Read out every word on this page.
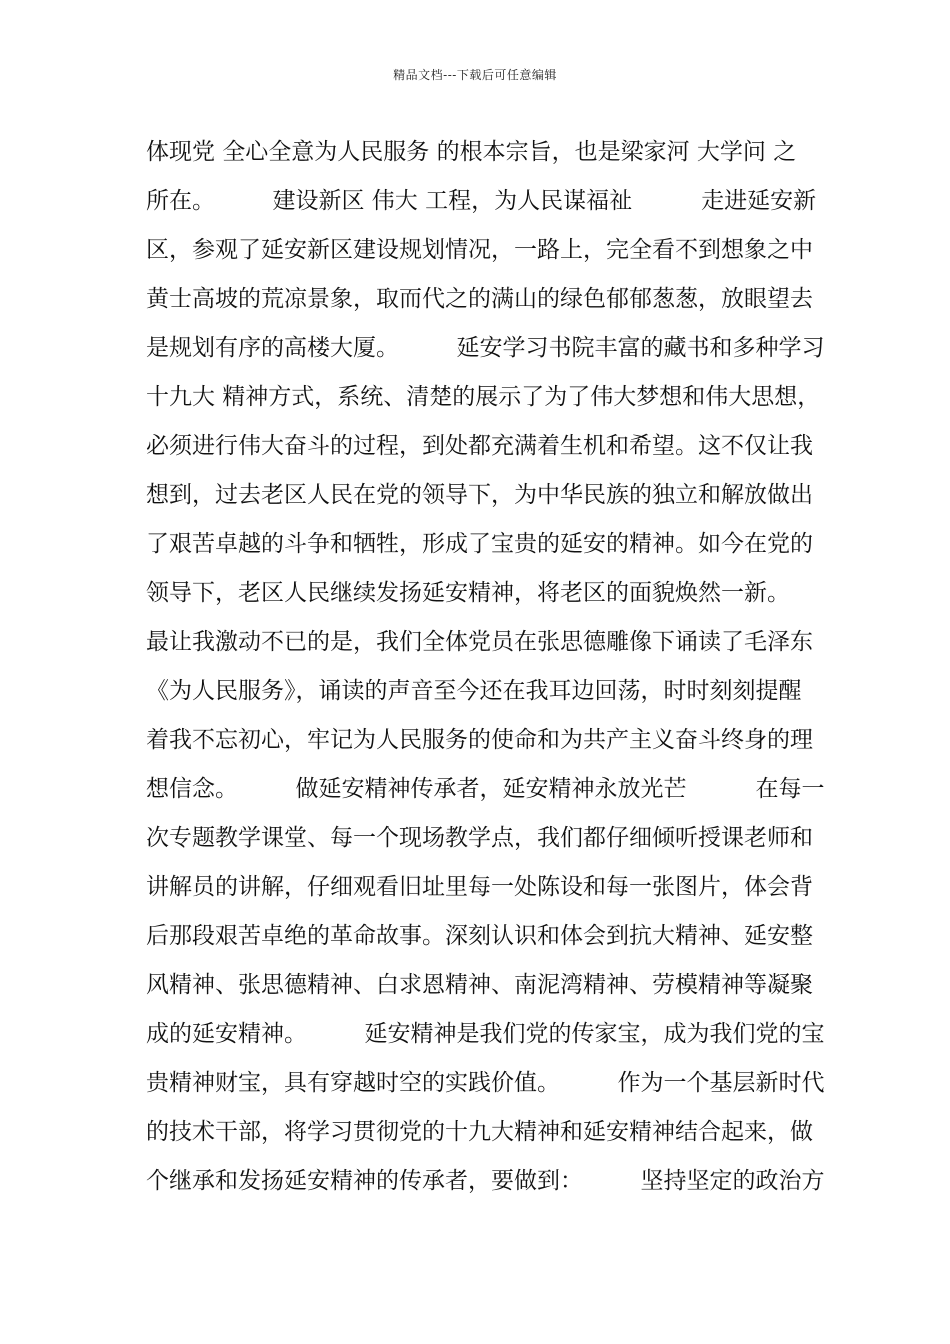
精品文档---下载后可任意编辑
体现党 全心全意为人民服务 的根本宗旨，也是梁家河 大学问 之
所在。　　　建设新区 伟大 工程，为人民谋福祉　　　走进延安新
区，参观了延安新区建设规划情况，一路上，完全看不到想象之中
黄士高坡的荒凉景象，取而代之的满山的绿色郁郁葱葱，放眼望去
是规划有序的高楼大厦。　　　延安学习书院丰富的藏书和多种学习
十九大 精神方式，系统、清楚的展示了为了伟大梦想和伟大思想，
必须进行伟大奋斗的过程，到处都充满着生机和希望。这不仅让我
想到，过去老区人民在党的领导下，为中华民族的独立和解放做出
了艰苦卓越的斗争和牺牲，形成了宝贵的延安的精神。如今在党的
领导下，老区人民继续发扬延安精神，将老区的面貌焕然一新。
最让我激动不已的是，我们全体党员在张思德雕像下诵读了毛泽东
《为人民服务》，诵读的声音至今还在我耳边回荡，时时刻刻提醒
着我不忘初心，牢记为人民服务的使命和为共产主义奋斗终身的理
想信念。　　　做延安精神传承者，延安精神永放光芒　　　在每一
次专题教学课堂、每一个现场教学点，我们都仔细倾听授课老师和
讲解员的讲解，仔细观看旧址里每一处陈设和每一张图片，体会背
后那段艰苦卓绝的革命故事。深刻认识和体会到抗大精神、延安整
风精神、张思德精神、白求恩精神、南泥湾精神、劳模精神等凝聚
成的延安精神。　　　延安精神是我们党的传家宝，成为我们党的宝
贵精神财宝，具有穿越时空的实践价值。　　　作为一个基层新时代
的技术干部，将学习贯彻党的十九大精神和延安精神结合起来，做
个继承和发扬延安精神的传承者，要做到：　　　坚持坚定的政治方
